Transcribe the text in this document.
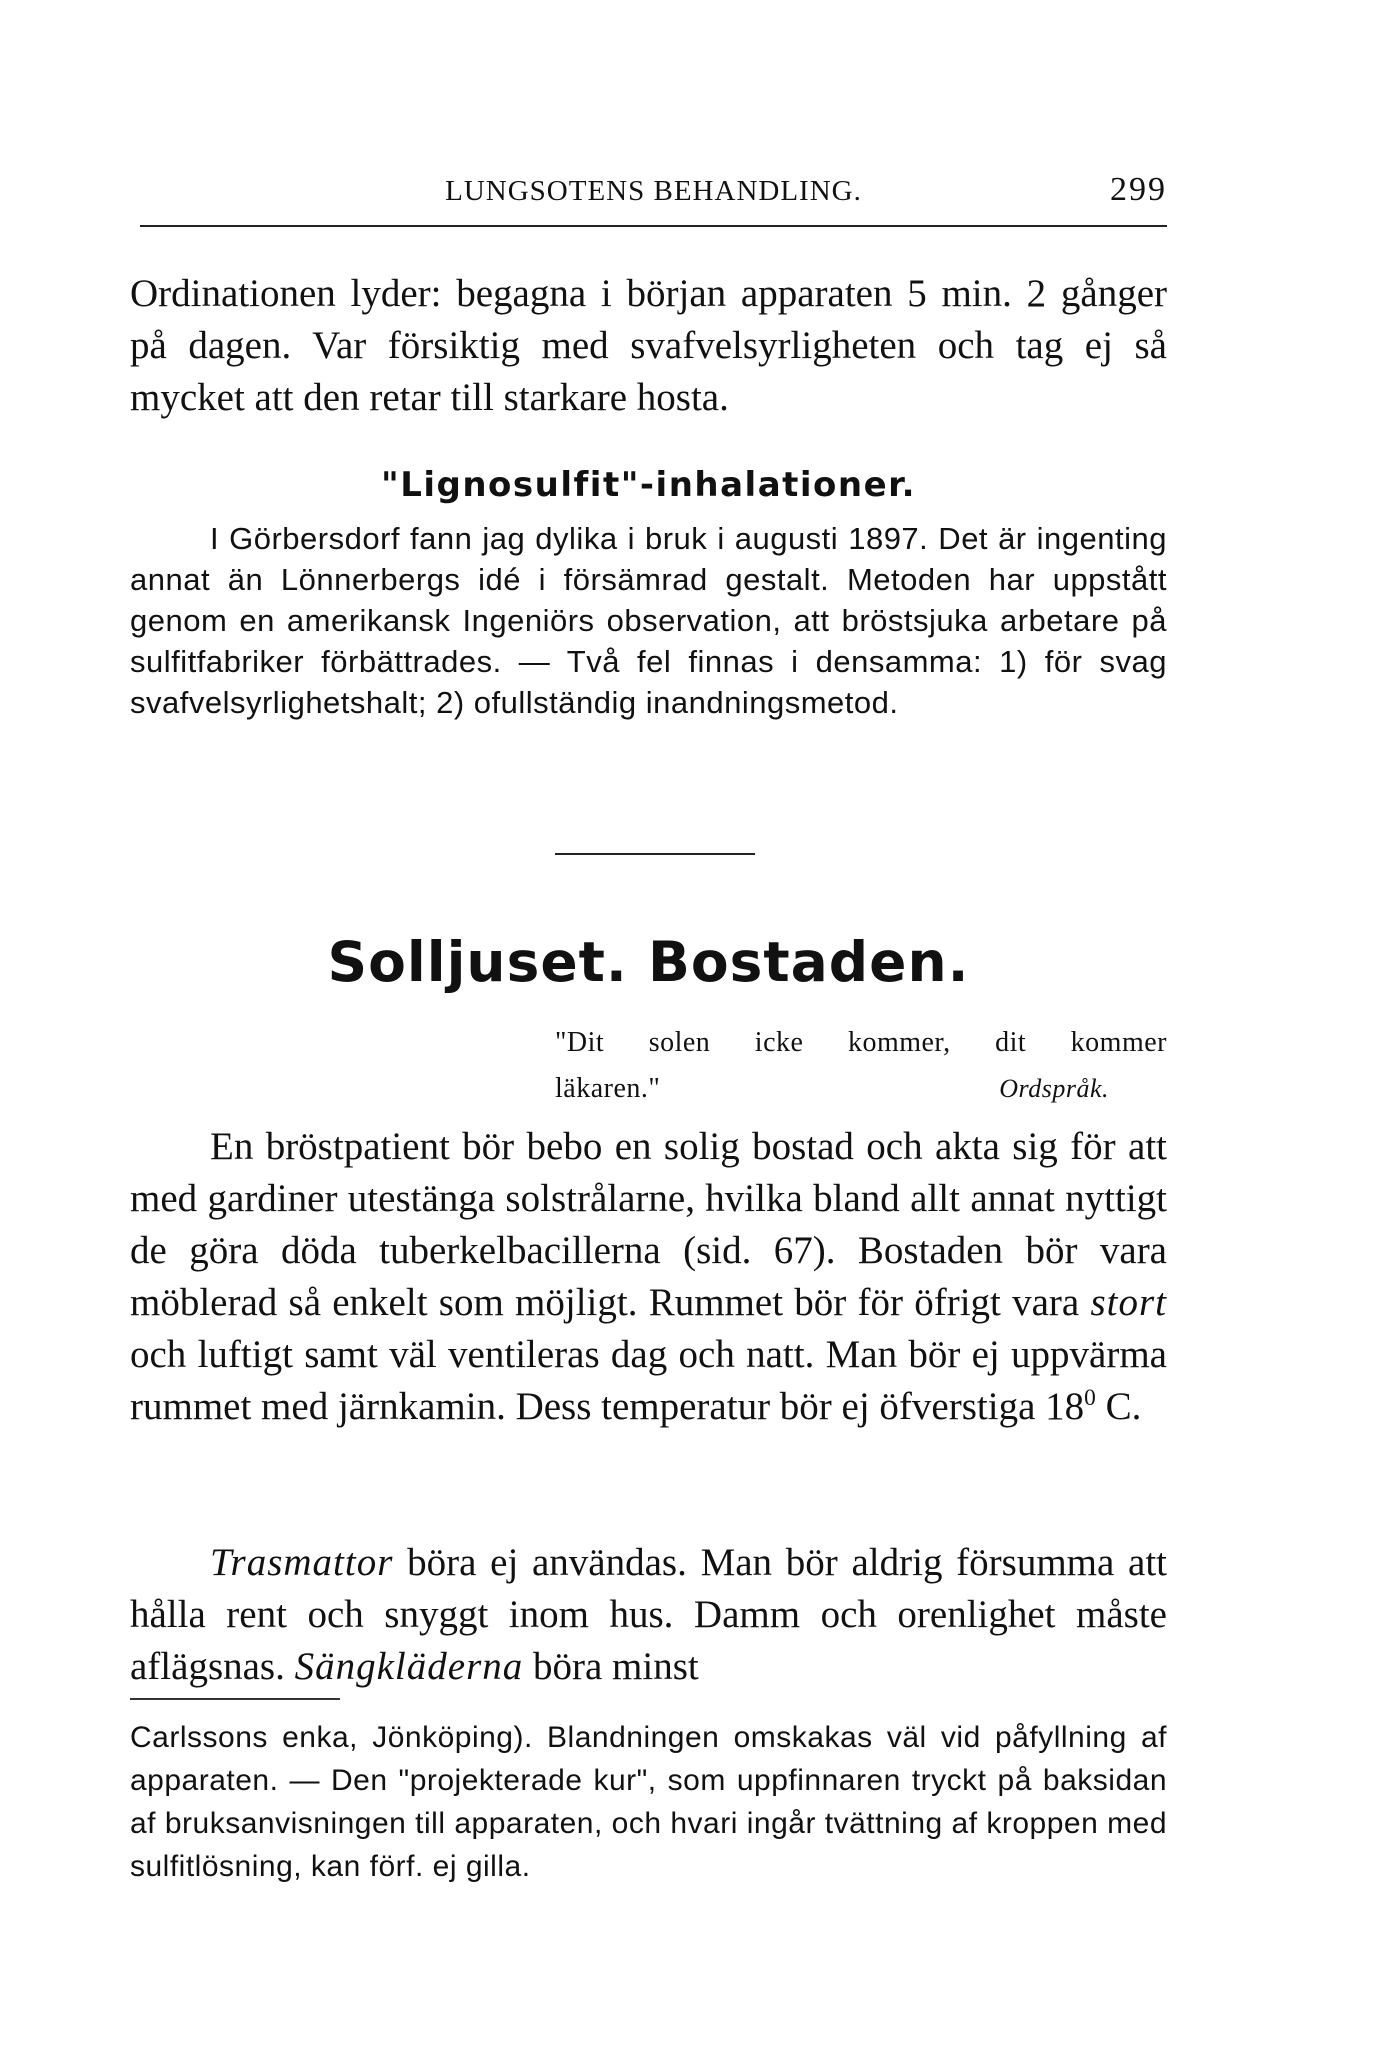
LUNGSOTENS BEHANDLING.	299

Ordinationen lyder: begagna i början apparaten 5 min. 2 gånger på dagen. Var försiktig med svafvelsyrligheten och tag ej så mycket att den retar till starkare hosta.

"Lignosulfit"-inhalationer.

I Görbersdorf fann jag dylika i bruk i augusti 1897. Det är ingenting annat än Lönnerbergs idé i försämrad gestalt. Metoden har uppstått genom en amerikansk Ingeniörs observation, att bröstsjuka arbetare på sulfitfabriker förbättrades. — Två fel finnas i densamma: 1) för svag svafvelsyrlighetshalt; 2) ofullständig inandningsmetod.

Solljuset. Bostaden.
"Dit solen icke kommer, dit kommer
läkaren."	Ordspråk.

En bröstpatient bör bebo en solig bostad och akta sig för att med gardiner utestänga solstrålarne, hvilka bland allt annat nyttigt de göra döda tuberkelbacillerna (sid. 67). Bostaden bör vara möblerad så enkelt som möjligt. Rummet bör för öfrigt vara stort och luftigt samt väl ventileras dag och natt. Man bör ej uppvärma rummet med järnkamin. Dess temperatur bör ej öfverstiga $18^0$ C.

Trasmattor böra ej användas. Man bör aldrig försumma att hålla rent och snyggt inom hus. Damm och orenlighet måste aflägsnas. Sängkläderna böra minst

Carlssons enka, Jönköping). Blandningen omskakas väl vid påfyllning af apparaten. — Den "projekterade kur", som uppfinnaren tryckt på baksidan af bruksanvisningen till apparaten, och hvari ingår tvättning af kroppen med sulfitlösning, kan förf. ej gilla.
